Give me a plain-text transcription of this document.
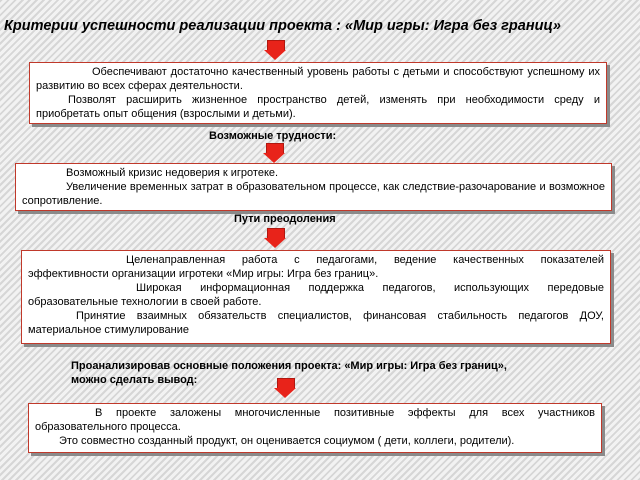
Критерии успешности реализации проекта : «Мир игры: Игра без границ»

Обеспечивают достаточно качественный уровень работы с детьми и способствуют успешному их развитию во всех сферах деятельности.

Позволят расширить жизненное пространство детей, изменять при необходимости среду и приобретать опыт общения (взрослыми и детьми).

Возможные трудности:

Возможный кризис недоверия к игротеке.

Увеличение временных затрат в образовательном процессе, как следствие-разочарование и возможное сопротивление.

Пути преодоления

Целенаправленная работа с педагогами, ведение качественных показателей эффективности организации игротеки «Мир игры: Игра без границ».

Широкая информационная поддержка педагогов, использующих передовые образовательные технологии в своей работе.

Принятие взаимных обязательств специалистов, финансовая стабильность педагогов ДОУ, материальное стимулирование

Проанализировав основные положения проекта: «Мир игры: Игра без границ»,
можно сделать вывод:

В проекте заложены многочисленные позитивные эффекты для всех участников образовательного процесса.

Это совместно созданный продукт, он оценивается социумом ( дети, коллеги, родители).
